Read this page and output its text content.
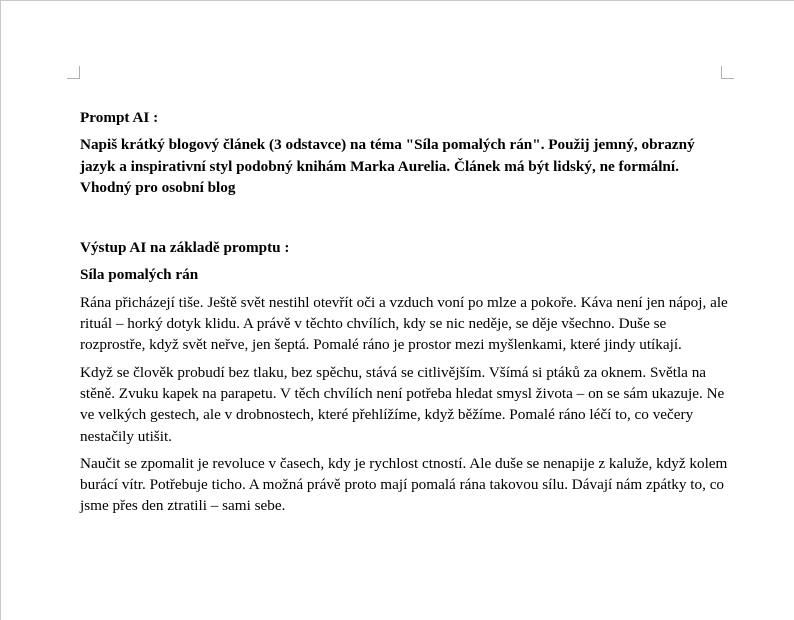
Prompt AI :

Napiš krátký blogový článek (3 odstavce) na téma "Síla pomalých rán". Použij jemný, obrazný jazyk a inspirativní styl podobný knihám Marka Aurelia. Článek má být lidský, ne formální. Vhodný pro osobní blog

Výstup AI na základě promptu :

Síla pomalých rán

Rána přicházejí tiše. Ještě svět nestihl otevřít oči a vzduch voní po mlze a pokoře. Káva není jen nápoj, ale rituál – horký dotyk klidu. A právě v těchto chvílích, kdy se nic neděje, se děje všechno. Duše se rozprostře, když svět neřve, jen šeptá. Pomalé ráno je prostor mezi myšlenkami, které jindy utíkají.

Když se člověk probudí bez tlaku, bez spěchu, stává se citlivějším. Všímá si ptáků za oknem. Světla na stěně. Zvuku kapek na parapetu. V těch chvílích není potřeba hledat smysl života – on se sám ukazuje. Ne ve velkých gestech, ale v drobnostech, které přehlížíme, když běžíme. Pomalé ráno léčí to, co večery nestačily utišit.

Naučit se zpomalit je revoluce v časech, kdy je rychlost ctností. Ale duše se nenapije z kaluže, když kolem burácí vítr. Potřebuje ticho. A možná právě proto mají pomalá rána takovou sílu. Dávají nám zpátky to, co jsme přes den ztratili – sami sebe.
